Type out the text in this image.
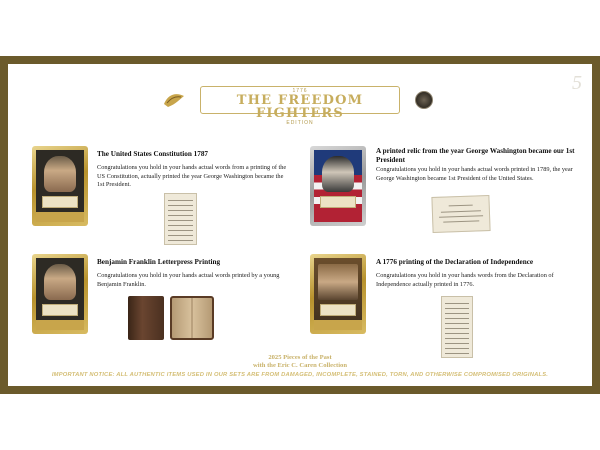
1776
THE FREEDOM FIGHTERS
EDITION
5
The United States Constitution 1787
Congratulations you hold in your hands actual words from a printing of the US Constitution, actually printed the year George Washington became the 1st President.
A printed relic from the year George Washington became our 1st President
Congratulations you hold in your hands actual words printed in 1789, the year George Washington became 1st President of the United States.
Benjamin Franklin Letterpress Printing
Congratulations you hold in your hands actual words printed by a young Benjamin Franklin.
A 1776 printing of the Declaration of Independence
Congratulations you hold in your hands words from the Declaration of Independence actually printed in 1776.
2025 Pieces of the Past
with the Eric C. Caren Collection
IMPORTANT NOTICE: ALL AUTHENTIC ITEMS USED IN OUR SETS ARE FROM DAMAGED, INCOMPLETE, STAINED, TORN, AND OTHERWISE COMPROMISED ORIGINALS.
